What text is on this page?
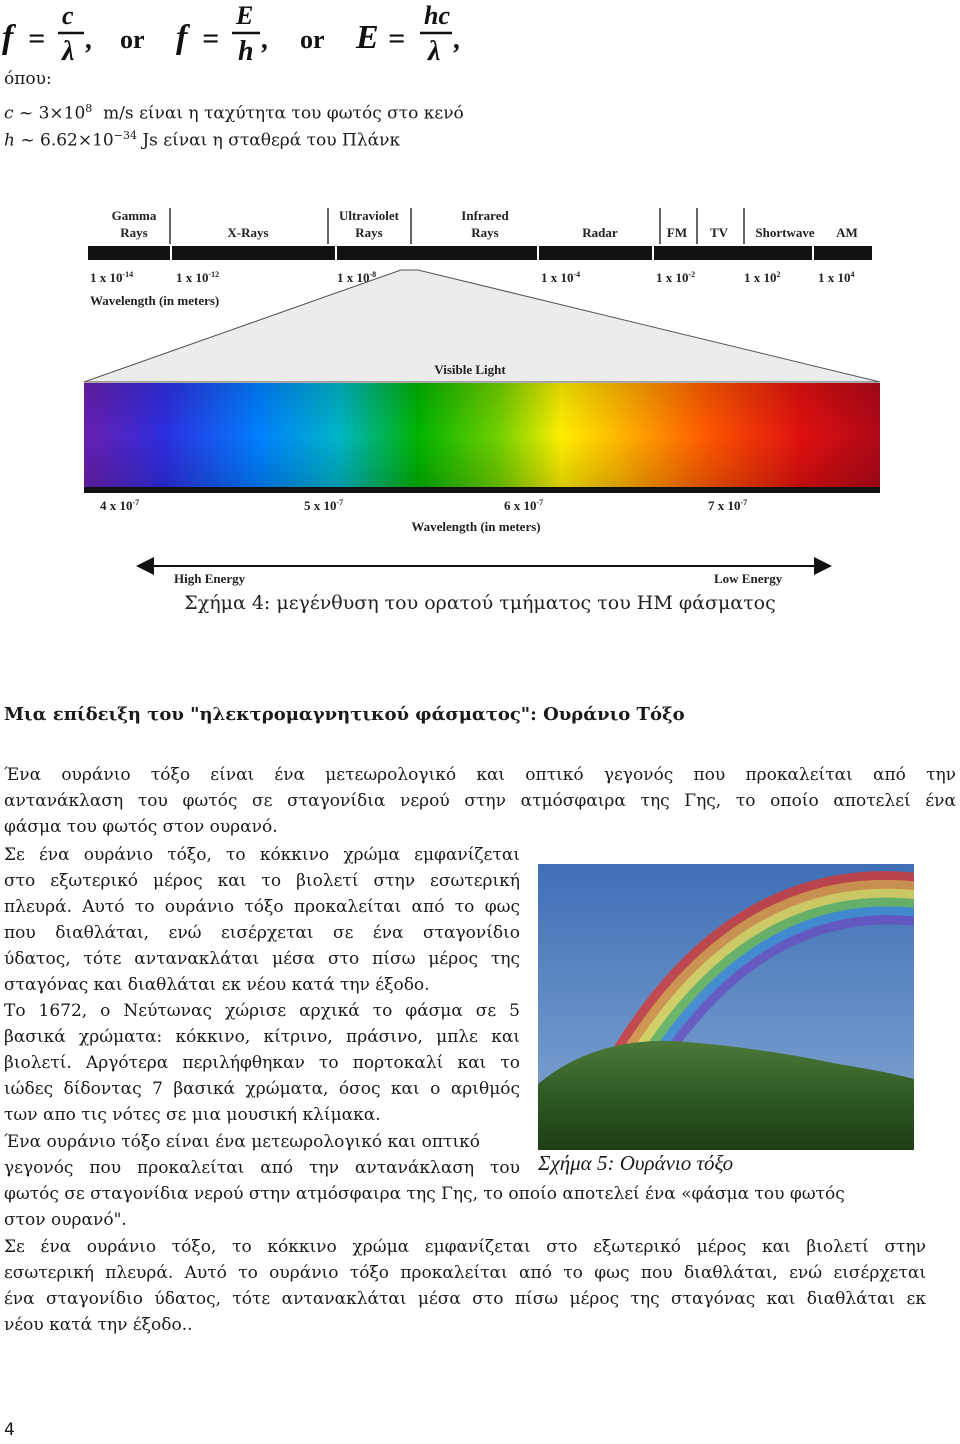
f =
c
λ , or f =
E
h , or E =
hc
λ ,
όπου:
c ~ $3\times 10^8$  m/s είναι η ταχύτητα του φωτός στο κενό
h ~ $6.62\times 10^{-34}$ Js είναι η σταθερά του Πλάνκ
Gamma
Rays	X-Rays
Ultraviolet
Rays
Infrared
Rays	Radar	FM TV Shortwave AM
1 x $10^{-14}$	1 x $10^{-12}$	1 x $10^{-8}$	1 x $10^{-4}$	1 x $10^{-2}$	1 x $10^2$	1 x $10^4$
Wavelength (in meters)
Visible Light
4 x $10^{-7}$	5 x $10^{-7}$	6 x $10^{-7}$	7 x $10^{-7}$
Wavelength (in meters)
High Energy	Low Energy
Σχήμα 4: μεγένθυση του ορατού τμήματος του ΗΜ φάσματος
Μια επίδειξη του "ηλεκτρομαγνητικού φάσματος": Ουράνιο Τόξο
Ένα ουράνιο τόξο είναι ένα μετεωρολογικό και οπτικό γεγονός που προκαλείται από την
αντανάκλαση του φωτός σε σταγονίδια νερού στην ατμόσφαιρα της Γης, το οποίο αποτελεί ένα
φάσμα του φωτός στον ουρανό.
Σε ένα ουράνιο τόξο, το κόκκινο χρώμα εμφανίζεται
στο εξωτερικό μέρος και το βιολετί στην εσωτερική
πλευρά. Αυτό το ουράνιο τόξο προκαλείται από το φως
που διαθλάται, ενώ εισέρχεται σε ένα σταγονίδιο
ύδατος, τότε αντανακλάται μέσα στο πίσω μέρος της
σταγόνας και διαθλάται εκ νέου κατά την έξοδο.
Το 1672, ο Νεύτωνας χώρισε αρχικά το φάσμα σε 5
βασικά χρώματα: κόκκινο, κίτρινο, πράσινο, μπλε και
βιολετί. Αργότερα περιλήφθηκαν το πορτοκαλί και το
ιώδες δίδοντας 7 βασικά χρώματα, όσος και ο αριθμός
των απο τις νότες σε μια μουσική κλίμακα.
Ένα ουράνιο τόξο είναι ένα μετεωρολογικό και οπτικό
γεγονός που προκαλείται από την αντανάκλαση του
φωτός σε σταγονίδια νερού στην ατμόσφαιρα της Γης, το οποίο αποτελεί ένα «φάσμα του φωτός
στον ουρανό".
Σχήμα 5: Ουράνιο τόξο
Σε ένα ουράνιο τόξο, το κόκκινο χρώμα εμφανίζεται στο εξωτερικό μέρος και βιολετί στην
εσωτερική πλευρά. Αυτό το ουράνιο τόξο προκαλείται από το φως που διαθλάται, ενώ εισέρχεται
ένα σταγονίδιο ύδατος, τότε αντανακλάται μέσα στο πίσω μέρος της σταγόνας και διαθλάται εκ
νέου κατά την έξοδο..
4
